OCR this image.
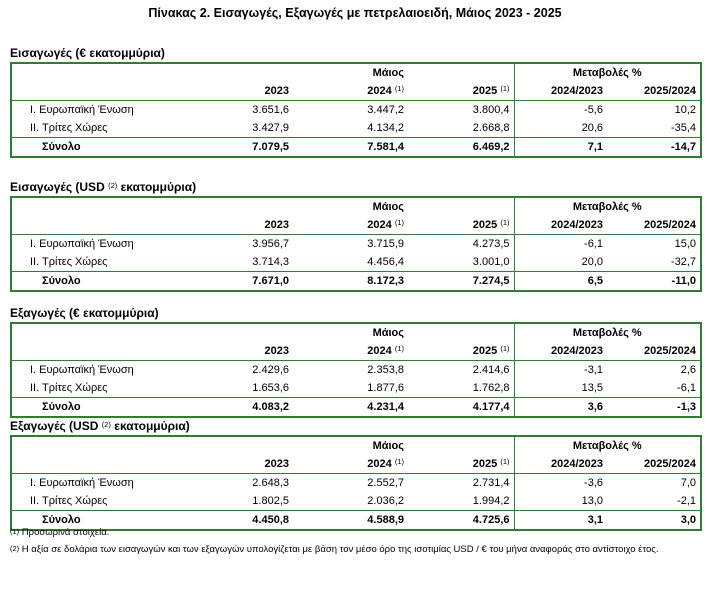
Πίνακας 2. Εισαγωγές, Εξαγωγές με πετρελαιοειδή, Μάιος 2023 - 2025
Εισαγωγές (€ εκατομμύρια)
		Μάιος		Μεταβολές %	
	2023	2024 $^{(1)}$	2025 $^{(1)}$	2024/2023	2025/2024
Ι. Ευρωπαϊκή Ένωση	3.651,6	3.447,2	3.800,4	-5,6	10,2
ΙΙ. Τρίτες Χώρες	3.427,9	4.134,2	2.668,8	20,6	-35,4
Σύνολο	7.079,5	7.581,4	6.469,2	7,1	-14,7
Εισαγωγές (USD $^{(2)}$ εκατομμύρια)
		Μάιος		Μεταβολές %	
	2023	2024 $^{(1)}$	2025 $^{(1)}$	2024/2023	2025/2024
Ι. Ευρωπαϊκή Ένωση	3.956,7	3.715,9	4.273,5	-6,1	15,0
ΙΙ. Τρίτες Χώρες	3.714,3	4.456,4	3.001,0	20,0	-32,7
Σύνολο	7.671,0	8.172,3	7.274,5	6,5	-11,0
Εξαγωγές (€ εκατομμύρια)
		Μάιος		Μεταβολές %	
	2023	2024 $^{(1)}$	2025 $^{(1)}$	2024/2023	2025/2024
Ι. Ευρωπαϊκή Ένωση	2.429,6	2.353,8	2.414,6	-3,1	2,6
ΙΙ. Τρίτες Χώρες	1.653,6	1.877,6	1.762,8	13,5	-6,1
Σύνολο	4.083,2	4.231,4	4.177,4	3,6	-1,3
Εξαγωγές (USD $^{(2)}$ εκατομμύρια)
		Μάιος		Μεταβολές %	
	2023	2024 $^{(1)}$	2025 $^{(1)}$	2024/2023	2025/2024
Ι. Ευρωπαϊκή Ένωση	2.648,3	2.552,7	2.731,4	-3,6	7,0
ΙΙ. Τρίτες Χώρες	1.802,5	2.036,2	1.994,2	13,0	-2,1
Σύνολο	4.450,8	4.588,9	4.725,6	3,1	3,0

$^{(1)}$ Προσωρινά στοιχεία.

$^{(2)}$ Η αξία σε δολάρια των εισαγωγών και των εξαγωγών υπολογίζεται με βάση τον μέσο όρο της ισοτιμίας USD / € του μήνα αναφοράς στο αντίστοιχο έτος.
